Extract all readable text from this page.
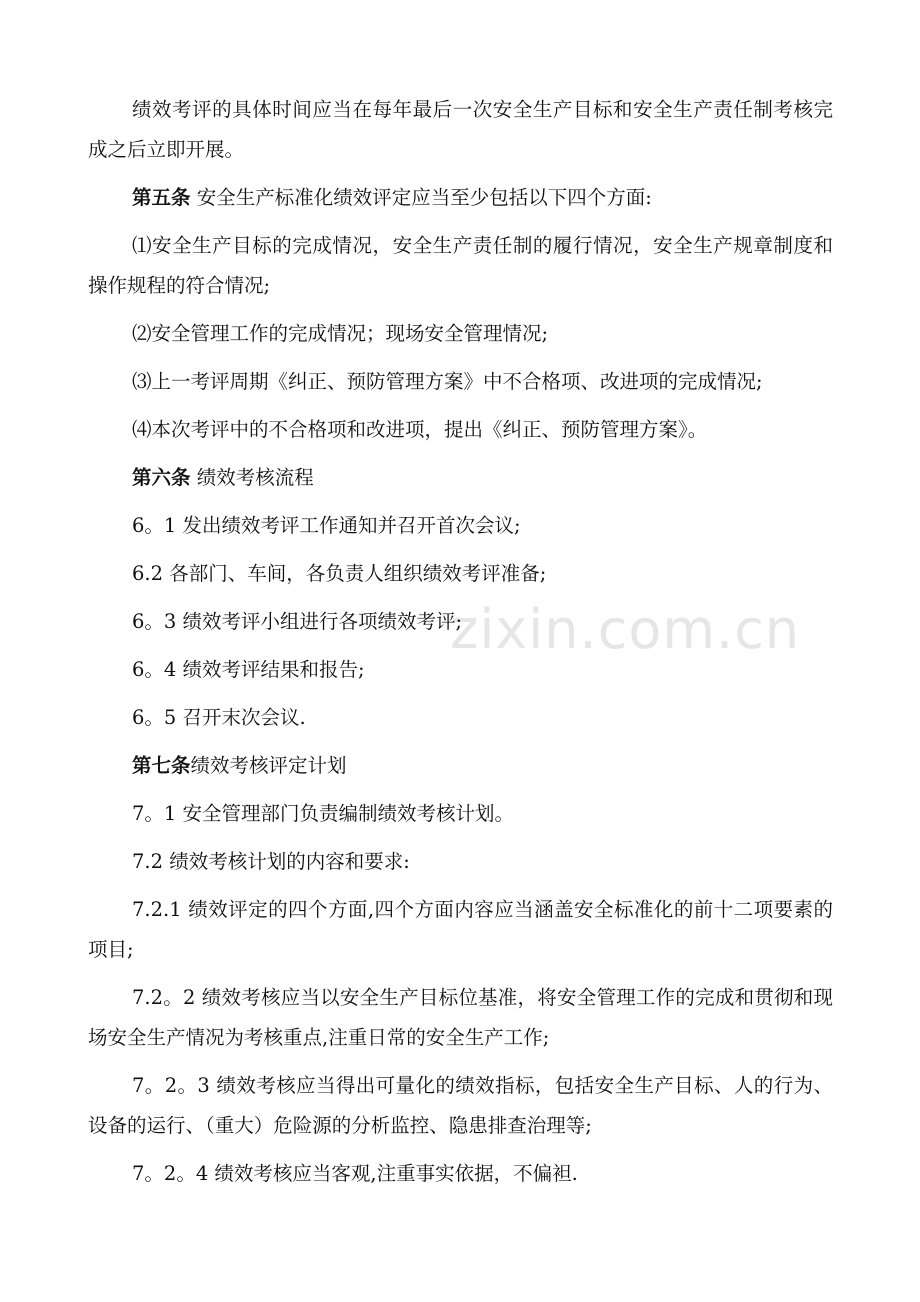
zixin.com.cn

绩效考评的具体时间应当在每年最后一次安全生产目标和安全生产责任制考核完成之后立即开展。

第五条 安全生产标准化绩效评定应当至少包括以下四个方面:

⑴安全生产目标的完成情况，安全生产责任制的履行情况，安全生产规章制度和操作规程的符合情况;

⑵安全管理工作的完成情况；现场安全管理情况;

⑶上一考评周期《纠正、预防管理方案》中不合格项、改进项的完成情况;

⑷本次考评中的不合格项和改进项，提出《纠正、预防管理方案》。

第六条 绩效考核流程

6。1 发出绩效考评工作通知并召开首次会议;

6.2 各部门、车间，各负责人组织绩效考评准备;

6。3 绩效考评小组进行各项绩效考评;

6。4 绩效考评结果和报告;

6。5 召开末次会议.

第七条绩效考核评定计划

7。1 安全管理部门负责编制绩效考核计划。

7.2 绩效考核计划的内容和要求:

7.2.1 绩效评定的四个方面,四个方面内容应当涵盖安全标准化的前十二项要素的项目;

7.2。2 绩效考核应当以安全生产目标位基准，将安全管理工作的完成和贯彻和现场安全生产情况为考核重点,注重日常的安全生产工作;

7。2。3 绩效考核应当得出可量化的绩效指标，包括安全生产目标、人的行为、设备的运行、（重大）危险源的分析监控、隐患排查治理等;

7。2。4 绩效考核应当客观,注重事实依据，不偏袒.
